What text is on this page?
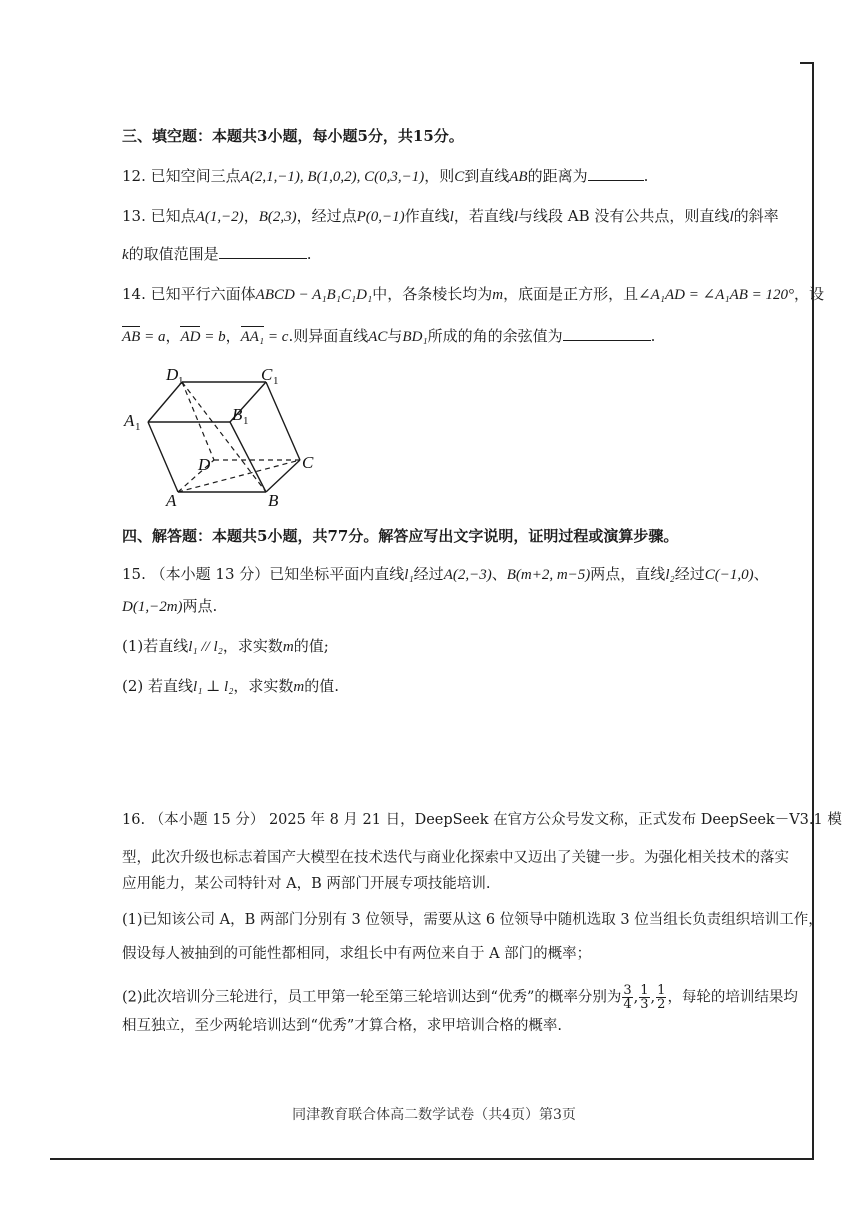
三、填空题：本题共3小题，每小题5分，共15分。
12. 已知空间三点A(2,1,−1), B(1,0,2), C(0,3,−1)，则C到直线AB的距离为	.
13. 已知点A(1,−2)，B(2,3)，经过点P(0,−1)作直线l，若直线l与线段 AB 没有公共点，则直线l的斜率
k的取值范围是	.
14. 已知平行六面体ABCD − A₁B₁C₁D₁中，各条棱长均为m，底面是正方形，且∠A₁AD = ∠A₁AB = 120°，设
AB = a，AD = b，AA₁ = c.则异面直线AC与BD₁所成的角的余弦值为	.
D 1	C 1
A 1
B 1
D	C
A	B
四、解答题：本题共5小题，共77分。解答应写出文字说明，证明过程或演算步骤。
15. （本小题 13 分）已知坐标平面内直线l₁经过A(2,−3)、B(m+2, m−5)两点，直线l₂经过C(−1,0)、
D(1,−2m)两点.
(1)若直线l₁ // l₂，求实数m的值;
(2) 若直线l₁ ⊥ l₂，求实数m的值.
16. （本小题 15 分） 2025 年 8 月 21 日，DeepSeek 在官方公众号发文称，正式发布 DeepSeek－V3.1 模
型，此次升级也标志着国产大模型在技术迭代与商业化探索中又迈出了关键一步。为强化相关技术的落实
应用能力，某公司特针对 A，B 两部门开展专项技能培训.
(1)已知该公司 A，B 两部门分别有 3 位领导，需要从这 6 位领导中随机选取 3 位当组长负责组织培训工作，
假设每人被抽到的可能性都相同，求组长中有两位来自于 A 部门的概率；
(2)此次培训分三轮进行，员工甲第一轮至第三轮培训达到“优秀”的概率分别为 $\frac{3}{4}$ , $\frac{1}{3}$ , $\frac{1}{2}$ ，每轮的培训结果均
相互独立，至少两轮培训达到“优秀”才算合格，求甲培训合格的概率.
同津教育联合体高二数学试卷（共4页）第3页
